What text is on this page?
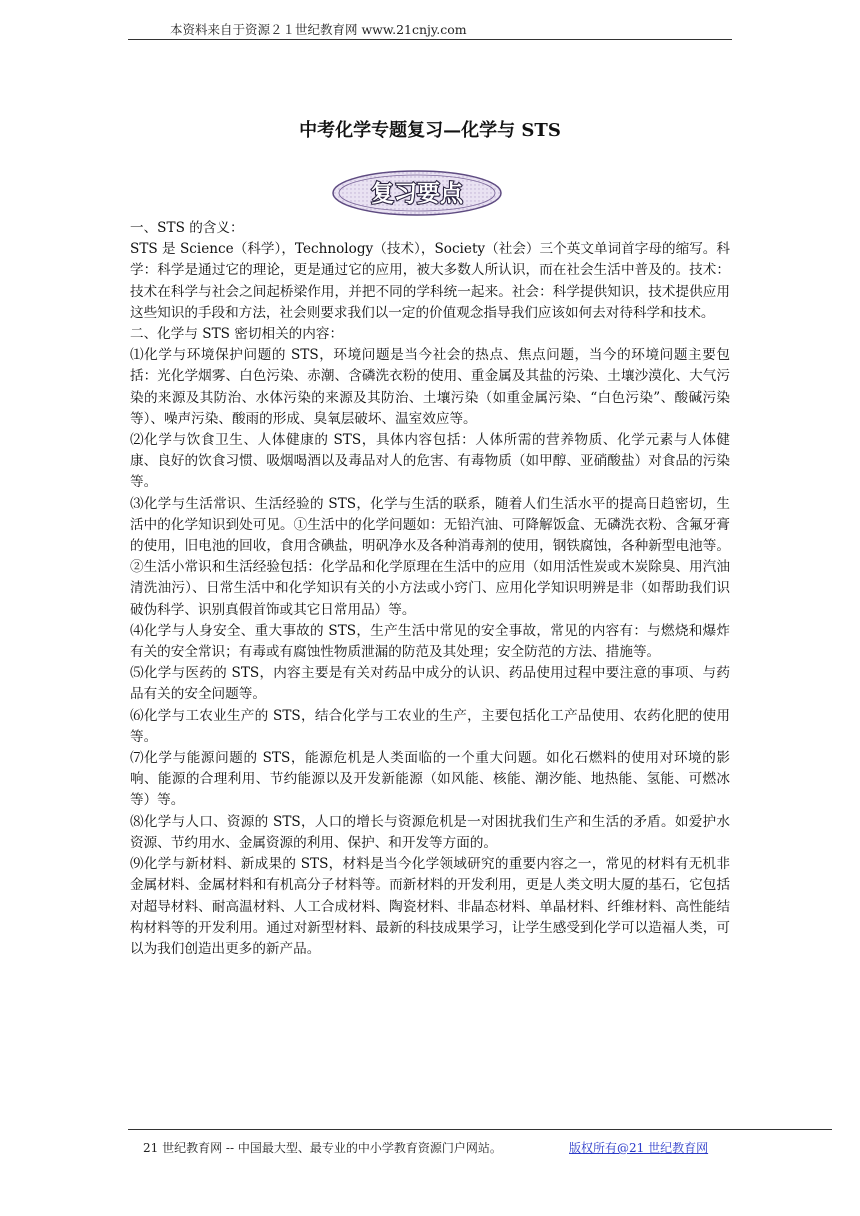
本资料来自于资源２１世纪教育网 www.21cnjy.com
中考化学专题复习—化学与 STS
复习要点

一、STS 的含义：

STS 是 Science（科学），Technology（技术），Society（社会）三个英文单词首字母的缩写。科学：科学是通过它的理论，更是通过它的应用，被大多数人所认识，而在社会生活中普及的。技术：技术在科学与社会之间起桥梁作用，并把不同的学科统一起来。社会：科学提供知识，技术提供应用这些知识的手段和方法，社会则要求我们以一定的价值观念指导我们应该如何去对待科学和技术。

二、化学与 STS 密切相关的内容：

⑴化学与环境保护问题的 STS，环境问题是当今社会的热点、焦点问题，当今的环境问题主要包括：光化学烟雾、白色污染、赤潮、含磷洗衣粉的使用、重金属及其盐的污染、土壤沙漠化、大气污染的来源及其防治、水体污染的来源及其防治、土壤污染（如重金属污染、“白色污染”、酸碱污染等）、噪声污染、酸雨的形成、臭氧层破坏、温室效应等。

⑵化学与饮食卫生、人体健康的 STS，具体内容包括：人体所需的营养物质、化学元素与人体健康、良好的饮食习惯、吸烟喝酒以及毒品对人的危害、有毒物质（如甲醇、亚硝酸盐）对食品的污染等。

⑶化学与生活常识、生活经验的 STS，化学与生活的联系，随着人们生活水平的提高日趋密切，生活中的化学知识到处可见。①生活中的化学问题如：无铅汽油、可降解饭盒、无磷洗衣粉、含氟牙膏的使用，旧电池的回收，食用含碘盐，明矾净水及各种消毒剂的使用，钢铁腐蚀，各种新型电池等。②生活小常识和生活经验包括：化学品和化学原理在生活中的应用（如用活性炭或木炭除臭、用汽油清洗油污）、日常生活中和化学知识有关的小方法或小窍门、应用化学知识明辨是非（如帮助我们识破伪科学、识别真假首饰或其它日常用品）等。

⑷化学与人身安全、重大事故的 STS，生产生活中常见的安全事故，常见的内容有：与燃烧和爆炸有关的安全常识；有毒或有腐蚀性物质泄漏的防范及其处理；安全防范的方法、措施等。

⑸化学与医药的 STS，内容主要是有关对药品中成分的认识、药品使用过程中要注意的事项、与药品有关的安全问题等。

⑹化学与工农业生产的 STS，结合化学与工农业的生产，主要包括化工产品使用、农药化肥的使用等。

⑺化学与能源问题的 STS，能源危机是人类面临的一个重大问题。如化石燃料的使用对环境的影响、能源的合理利用、节约能源以及开发新能源（如风能、核能、潮汐能、地热能、氢能、可燃冰等）等。

⑻化学与人口、资源的 STS，人口的增长与资源危机是一对困扰我们生产和生活的矛盾。如爱护水资源、节约用水、金属资源的利用、保护、和开发等方面的。

⑼化学与新材料、新成果的 STS，材料是当今化学领域研究的重要内容之一，常见的材料有无机非金属材料、金属材料和有机高分子材料等。而新材料的开发利用，更是人类文明大厦的基石，它包括对超导材料、耐高温材料、人工合成材料、陶瓷材料、非晶态材料、单晶材料、纤维材料、高性能结构材料等的开发利用。通过对新型材料、最新的科技成果学习，让学生感受到化学可以造福人类，可以为我们创造出更多的新产品。

21 世纪教育网 -- 中国最大型、最专业的中小学教育资源门户网站。	版权所有@21 世纪教育网
